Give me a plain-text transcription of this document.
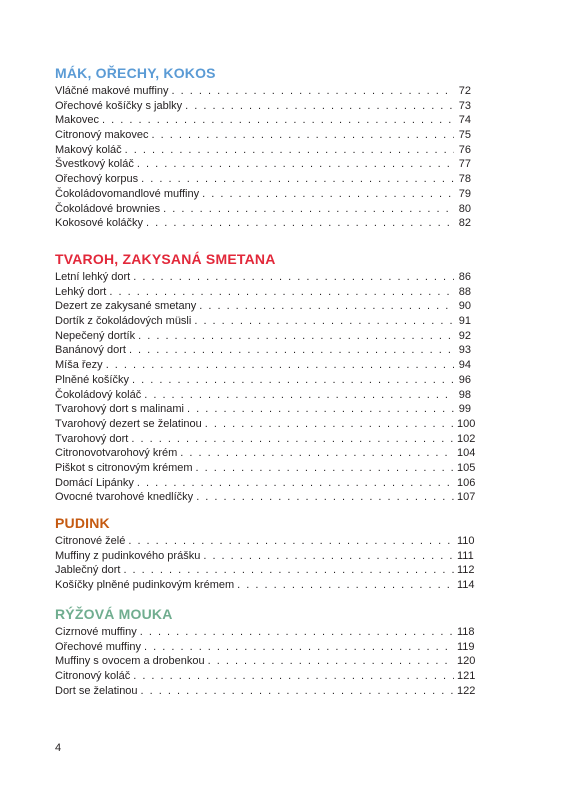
MÁK, OŘECHY, KOKOS
Vláčné makové muffiny . . .	72
Ořechové košíčky s jablky . . .	73
Makovec . . .	74
Citronový makovec . . .	75
Makový koláč . . .	76
Švestkový koláč . . .	77
Ořechový korpus . . .	78
Čokoládovomandlové muffiny . . .	79
Čokoládové brownies . . .	80
Kokosové koláčky . . .	82
TVAROH, ZAKYSANÁ SMETANA
Letní lehký dort . . .	86
Lehký dort . . .	88
Dezert ze zakysané smetany . . .	90
Dortík z čokoládových müsli . . .	91
Nepečený dortík . . .	92
Banánový dort . . .	93
Míša řezy . . .	94
Plněné košíčky . . .	96
Čokoládový koláč . . .	98
Tvarohový dort s malinami . . .	99
Tvarohový dezert se želatinou . . .	100
Tvarohový dort . . .	102
Citronovotvarohový krém . . .	104
Piškot s citronovým krémem . . .	105
Domácí Lipánky . . .	106
Ovocné tvarohové knedlíčky . . .	107
PUDINK
Citronové želé . . .	110
Muffiny z pudinkového prášku . . .	111
Jablečný dort . . .	112
Košíčky plněné pudinkovým krémem . . .	114
RÝŽOVÁ MOUKA
Cizrnové muffiny . . .	118
Ořechové muffiny . . .	119
Muffiny s ovocem a drobenkou . . .	120
Citronový koláč . . .	121
Dort se želatinou . . .	122
4
